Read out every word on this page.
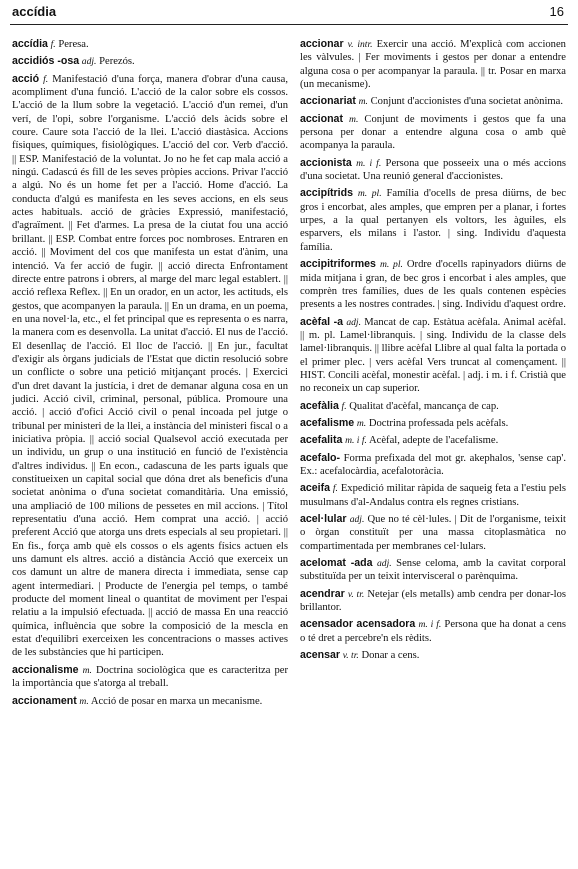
accídia	16

accídia f. Peresa.

accidiós -osa adj. Perezós.

acció f. Manifestació d'una força, manera d'obrar d'una causa, acompliment d'una funció. L'acció de la calor sobre els cossos. L'acció de la llum sobre la vegetació. L'acció d'un remei, d'un verí, de l'opi, sobre l'organisme. L'acció dels àcids sobre el coure. Caure sota l'acció de la llei. L'acció diastàsica. Accions físiques, químiques, fisiològiques. L'acció del cor. Verb d'acció. || ESP. Manifestació de la voluntat. Jo no he fet cap mala acció a ningú. Cadascú és fill de les seves pròpies accions. Privar l'acció a algú. No és un home fet per a l'acció. Home d'acció. La conducta d'algú es manifesta en les seves accions, en els seus actes habituals. acció de gràcies Expressió, manifestació, d'agraïment. || Fet d'armes. La presa de la ciutat fou una acció brillant. || ESP. Combat entre forces poc nombroses. Entraren en acció. || Moviment del cos que manifesta un estat d'ànim, una intenció. Va fer acció de fugir. || acció directa Enfrontament directe entre patrons i obrers, al marge del marc legal establert. || acció reflexa Reflex. || En un orador, en un actor, les actituds, els gestos, que acompanyen la paraula. || En un drama, en un poema, en una novel·la, etc., el fet principal que es representa o es narra, la manera com es desenvolla. La unitat d'acció. El nus de l'acció. El desenllaç de l'acció. El lloc de l'acció. || En jur., facultat d'exigir als òrgans judicials de l'Estat que dictin resolució sobre un conflicte o sobre una petició mitjançant procés. | Exercici d'un dret davant la justícia, i dret de demanar alguna cosa en un judici. Acció civil, criminal, personal, pública. Promoure una acció. | acció d'ofici Acció civil o penal incoada pel jutge o tribunal per ministeri de la llei, a instància del ministeri fiscal o a iniciativa pròpia. || acció social Qualsevol acció executada per un individu, un grup o una institució en funció de l'existència d'altres individus. || En econ., cadascuna de les parts iguals que constitueixen un capital social que dóna dret als beneficis d'una societat anònima o d'una societat comanditària. Una emissió, una ampliació de 100 milions de pessetes en mil accions. | Títol representatiu d'una acció. Hem comprat una acció. | acció preferent Acció que atorga uns drets especials al seu propietari. || En fis., força amb què els cossos o els agents físics actuen els uns damunt els altres. acció a distància Acció que exerceix un cos damunt un altre de manera directa i immediata, sense cap agent intermediari. | Producte de l'energia pel temps, o també producte del moment lineal o quantitat de moviment per l'espai relatiu a la impulsió efectuada. || acció de massa En una reacció química, influència que sobre la composició de la mescla en estat d'equilibri exerceixen les concentracions o masses actives de les substàncies que hi participen.

accionalisme m. Doctrina sociològica que es caracteritza per la importància que s'atorga al treball.

accionament m. Acció de posar en marxa un mecanisme.

accionar v. intr. Exercir una acció. M'explicà com accionen les vàlvules. | Fer moviments i gestos per donar a entendre alguna cosa o per acompanyar la paraula. || tr. Posar en marxa (un mecanisme).

accionariat m. Conjunt d'accionistes d'una societat anònima.

accionat m. Conjunt de moviments i gestos que fa una persona per donar a entendre alguna cosa o amb què acompanya la paraula.

accionista m. i f. Persona que posseeix una o més accions d'una societat. Una reunió general d'accionistes.

accipítrids m. pl. Família d'ocells de presa diürns, de bec gros i encorbat, ales amples, que empren per a planar, i fortes urpes, a la qual pertanyen els voltors, les àguiles, els esparvers, els milans i l'astor. | sing. Individu d'aquesta família.

accipitriformes m. pl. Ordre d'ocells rapinyadors diürns de mida mitjana i gran, de bec gros i encorbat i ales amples, que comprèn tres famílies, dues de les quals contenen espècies presents a les nostres contrades. | sing. Individu d'aquest ordre.

acèfal -a adj. Mancat de cap. Estàtua acèfala. Animal acèfal. || m. pl. Lamel·libranquis. | sing. Individu de la classe dels lamel·libranquis. || llibre acèfal Llibre al qual falta la portada o el primer plec. | vers acèfal Vers truncat al començament. || HIST. Concili acèfal, monestir acèfal. | adj. i m. i f. Cristià que no reconeix un cap superior.

acefàlia f. Qualitat d'acèfal, mancança de cap.

acefalisme m. Doctrina professada pels acèfals.

acefalita m. i f. Acèfal, adepte de l'acefalisme.

acefalo- Forma prefixada del mot gr. akephalos, 'sense cap'. Ex.: acefalocàrdia, acefalotoràcia.

aceifa f. Expedició militar ràpida de saqueig feta a l'estiu pels musulmans d'al-Andalus contra els regnes cristians.

acel·lular adj. Que no té cèl·lules. | Dit de l'organisme, teixit o òrgan constituït per una massa citoplasmàtica no compartimentada per membranes cel·lulars.

acelomat -ada adj. Sense celoma, amb la cavitat corporal substituïda per un teixit intervisceral o parènquima.

acendrar v. tr. Netejar (els metalls) amb cendra per donar-los brillantor.

acensador acensadora m. i f. Persona que ha donat a cens o té dret a percebre'n els rèdits.

acensar v. tr. Donar a cens.
